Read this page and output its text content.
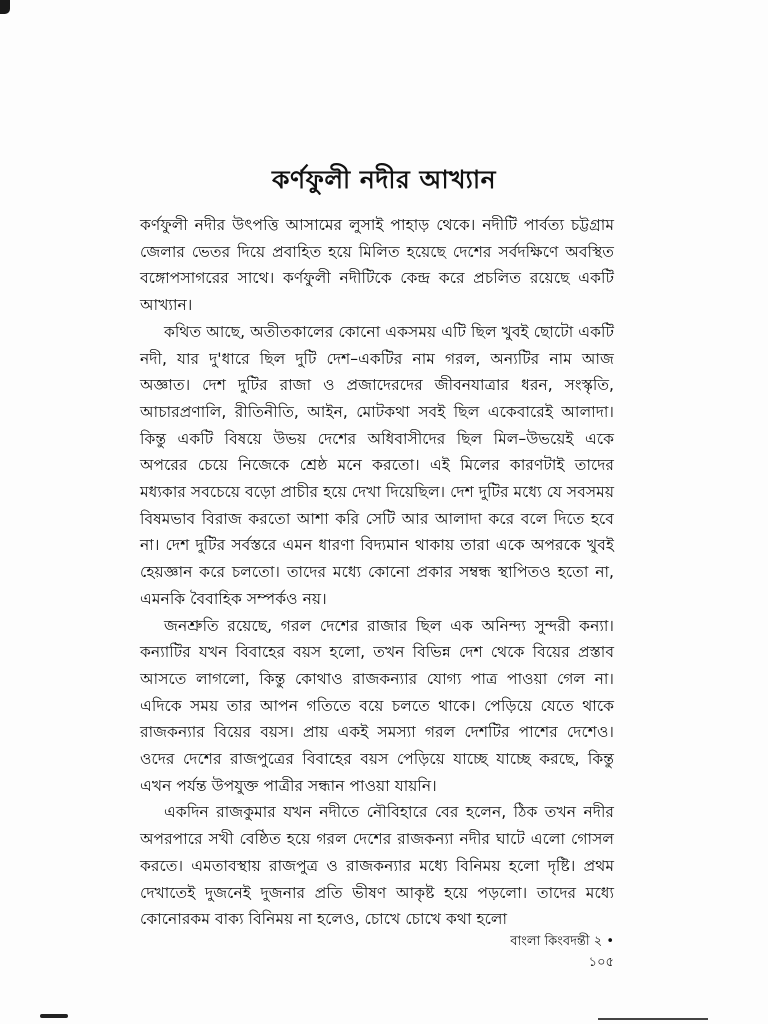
কর্ণফুলী নদীর আখ্যান

কর্ণফুলী নদীর উৎপত্তি আসামের লুসাই পাহাড় থেকে। নদীটি পার্বত্য চট্টগ্রাম জেলার ভেতর দিয়ে প্রবাহিত হয়ে মিলিত হয়েছে দেশের সর্বদক্ষিণে অবস্থিত বঙ্গোপসাগরের সাথে। কর্ণফুলী নদীটিকে কেন্দ্র করে প্রচলিত রয়েছে একটি আখ্যান।

কথিত আছে, অতীতকালের কোনো একসময় এটি ছিল খুবই ছোটো একটি নদী, যার দু'ধারে ছিল দুটি দেশ–একটির নাম গরল, অন্যটির নাম আজ অজ্ঞাত। দেশ দুটির রাজা ও প্রজাদেরদের জীবনযাত্রার ধরন, সংস্কৃতি, আচারপ্রণালি, রীতিনীতি, আইন, মোটকথা সবই ছিল একেবারেই আলাদা। কিন্তু একটি বিষয়ে উভয় দেশের অধিবাসীদের ছিল মিল–উভয়েই একে অপরের চেয়ে নিজেকে শ্রেষ্ঠ মনে করতো। এই মিলের কারণটাই তাদের মধ্যকার সবচেয়ে বড়ো প্রাচীর হয়ে দেখা দিয়েছিল। দেশ দুটির মধ্যে যে সবসময় বিষমভাব বিরাজ করতো আশা করি সেটি আর আলাদা করে বলে দিতে হবে না। দেশ দুটির সর্বস্তরে এমন ধারণা বিদ্যমান থাকায় তারা একে অপরকে খুবই হেয়জ্ঞান করে চলতো। তাদের মধ্যে কোনো প্রকার সম্বন্ধ স্থাপিতও হতো না, এমনকি বৈবাহিক সম্পর্কও নয়।

জনশ্রুতি রয়েছে, গরল দেশের রাজার ছিল এক অনিন্দ্য সুন্দরী কন্যা। কন্যাটির যখন বিবাহের বয়স হলো, তখন বিভিন্ন দেশ থেকে বিয়ের প্রস্তাব আসতে লাগলো, কিন্তু কোথাও রাজকন্যার যোগ্য পাত্র পাওয়া গেল না। এদিকে সময় তার আপন গতিতে বয়ে চলতে থাকে। পেড়িয়ে যেতে থাকে রাজকন্যার বিয়ের বয়স। প্রায় একই সমস্যা গরল দেশটির পাশের দেশেও। ওদের দেশের রাজপুত্রের বিবাহের বয়স পেড়িয়ে যাচ্ছে যাচ্ছে করছে, কিন্তু এখন পর্যন্ত উপযুক্ত পাত্রীর সন্ধান পাওয়া যায়নি।

একদিন রাজকুমার যখন নদীতে নৌবিহারে বের হলেন, ঠিক তখন নদীর অপরপারে সখী বেষ্ঠিত হয়ে গরল দেশের রাজকন্যা নদীর ঘাটে এলো গোসল করতে। এমতাবস্থায় রাজপুত্র ও রাজকন্যার মধ্যে বিনিময় হলো দৃষ্টি। প্রথম দেখাতেই দুজনেই দুজনার প্রতি ভীষণ আকৃষ্ট হয়ে পড়লো। তাদের মধ্যে কোনোরকম বাক্য বিনিময় না হলেও, চোখে চোখে কথা হলো

বাংলা কিংবদন্তী ২ • ১০৫
